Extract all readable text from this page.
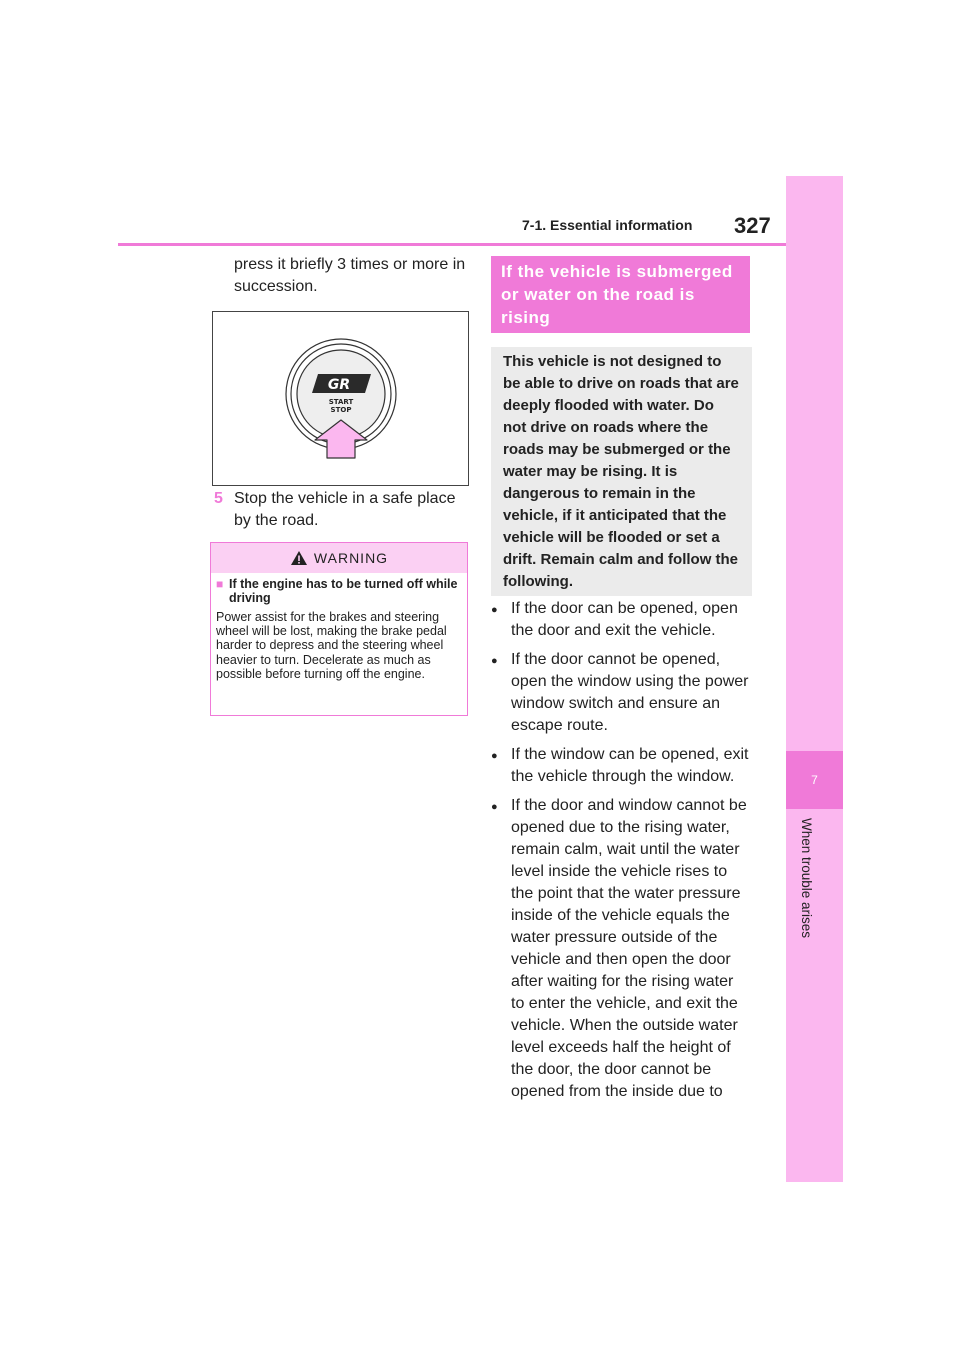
7-1. Essential information 327
7
When trouble arises
press it briefly 3 times or more in succession.
GR
START
STOP
5 Stop the vehicle in a safe place by the road.
WARNING
■ If the engine has to be turned off while driving
Power assist for the brakes and steering wheel will be lost, making the brake pedal harder to depress and the steering wheel heavier to turn. Decelerate as much as possible before turning off the engine.
If the vehicle is submerged or water on the road is rising
This vehicle is not designed to be able to drive on roads that are deeply flooded with water. Do not drive on roads where the roads may be submerged or the water may be rising. It is dangerous to remain in the vehicle, if it anticipated that the vehicle will be flooded or set a drift. Remain calm and follow the following.
● If the door can be opened, open the door and exit the vehicle.
● If the door cannot be opened, open the window using the power window switch and ensure an escape route.
● If the window can be opened, exit the vehicle through the window.
● If the door and window cannot be opened due to the rising water, remain calm, wait until the water level inside the vehicle rises to the point that the water pressure inside of the vehicle equals the water pressure outside of the vehicle and then open the door after waiting for the rising water to enter the vehicle, and exit the vehicle. When the outside water level exceeds half the height of the door, the door cannot be opened from the inside due to
